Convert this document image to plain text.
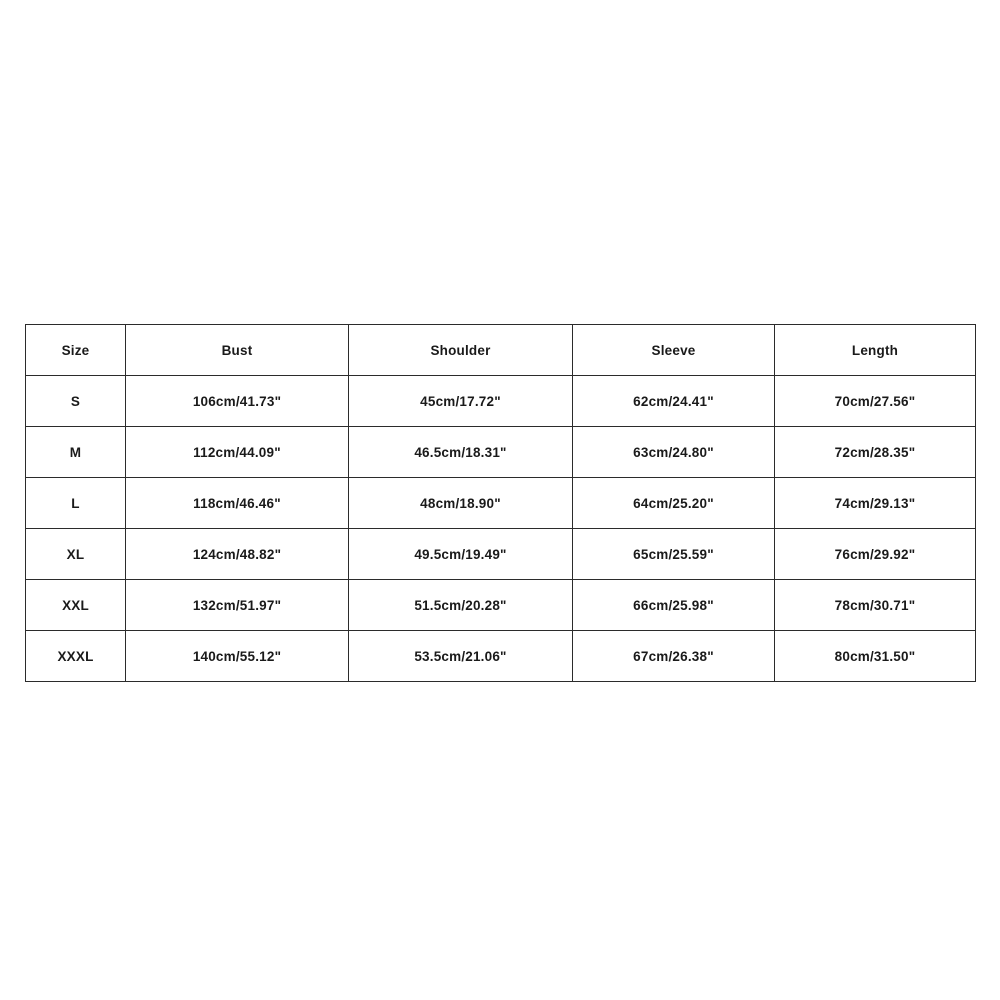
Size	Bust	Shoulder	Sleeve	Length
S	106cm/41.73"	45cm/17.72"	62cm/24.41"	70cm/27.56"
M	112cm/44.09"	46.5cm/18.31"	63cm/24.80"	72cm/28.35"
L	118cm/46.46"	48cm/18.90"	64cm/25.20"	74cm/29.13"
XL	124cm/48.82"	49.5cm/19.49"	65cm/25.59"	76cm/29.92"
XXL	132cm/51.97"	51.5cm/20.28"	66cm/25.98"	78cm/30.71"
XXXL	140cm/55.12"	53.5cm/21.06"	67cm/26.38"	80cm/31.50"
